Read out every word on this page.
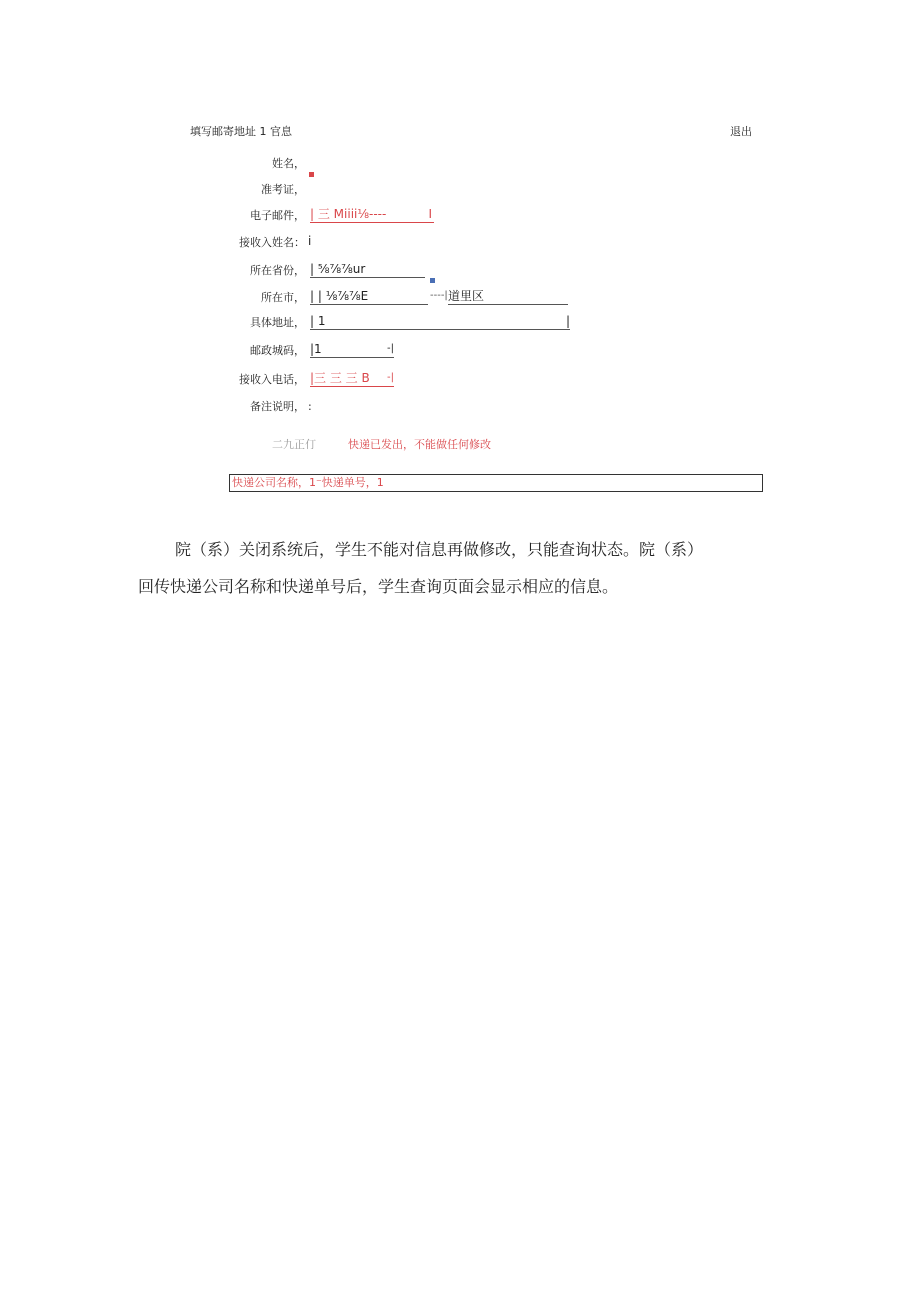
填写邮寄地址 1 官息	退出
姓名，
准考证，
电子邮件， | 三 Miiii⅛----	I
接收入姓名： i
所在省份， | ⅝⅞⅞ur
所在市， | | ⅛⅞⅞E	----| 道里区
具体地址， | 1	|
邮政城码， |1	-|
接收入电话， |三 三 三 B -|
备注说明， :
二九正仃	快递已发出，不能做任何修改
快递公司名称，1⁻快递单号，1
院（系）关闭系统后，学生不能对信息再做修改，只能查询状态。院（系）
回传快递公司名称和快递单号后，学生查询页面会显示相应的信息。
